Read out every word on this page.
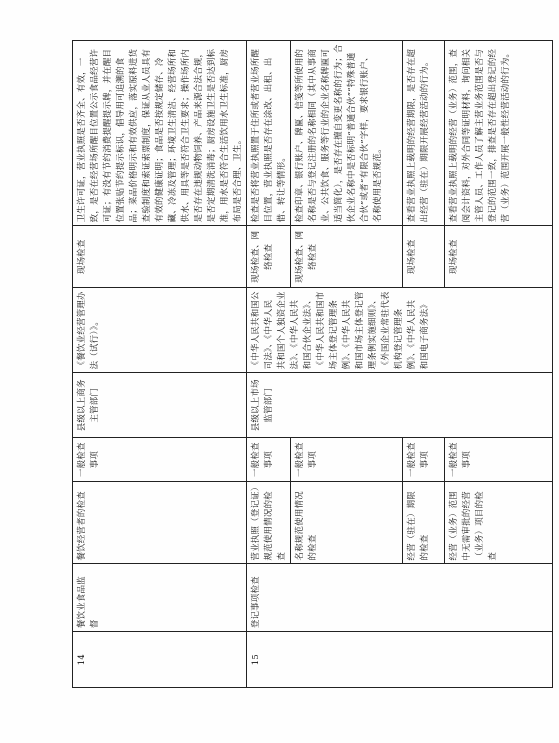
14	餐饮业食品监督	餐饮经营者的检查	一般检查事项	县级以上商务主管部门	《餐饮业经营管理办法（试行）》。	现场检查	卫生许可证，营业执照是否齐全、有效，一致，是否在经营场所醒目位置公示食品经营许可证；有没有节约消费提醒提示牌，并在醒目位置张贴节约提示标识，倡导用可追溯的食品；菜品价格明示和有效供应，落实原料进货查验制度和索证索票制度，保证从业人员具有有效的健康证明；食品是否按规定储存、冷藏、冷冻及管理；环境卫生清洁、经营场所和供水、用具等是否符合卫生要求；操作场所内是否存在违规动物饲养、产品来源合法合规，是否定期清洗消毒；厨房设施卫生是否达到标准，用水是否符合生活饮用水卫生标准，厨房布局是否合理、卫生。
15	登记事项检查	营业执照（登记证）规范使用情况的检查	一般检查事项	县级以上市场监管部门	《中华人民共和国公司法》、《中华人民共和国个人独资企业法》、《中华人民共和国合伙企业法》、《中华人民共和国市场主体登记管理条例》、《中华人民共和国市场主体登记管理条例实施细则》、《外国企业常驻代表机构登记管理条例》、《中华人民共和国电子商务法》	现场检查、网络检查	检查是否将营业执照置于住所或者营业场所醒目位置，营业执照是否存在涂改、出租、出借、转让等情形。
		名称规范使用情况的检查	一般检查事项			现场检查、网络检查	检查印章、银行账户、牌匾、信笺等所使用的名称是否与登记注册的名称相同（其中从事商业、公共饮食、服务等行业的企业名称牌匾可适当简化），是否存在擅自变更名称的行为；合伙企业名称中是否标明“普通合伙”“特殊普通合伙”或者“有限合伙”字样，要求银行账户、名称使用是否规范。
		经营（驻在）期限的检查	一般检查事项			现场检查	查看营业执照上载明的经营期限，是否存在超出经营（驻在）期限开展经营活动的行为。
		经营（业务）范围中无需审批的经营（业务）项目的检查	一般检查事项			现场检查	查看营业执照上载明的经营（业务）范围，查阅会计资料，对外合同等证明材料，询问相关主管人员、工作人员了解主营业务范围是否与登记的范围一致，排查是否存在超出登记的经营（业务）范围开展一般性经营活动的行为。
